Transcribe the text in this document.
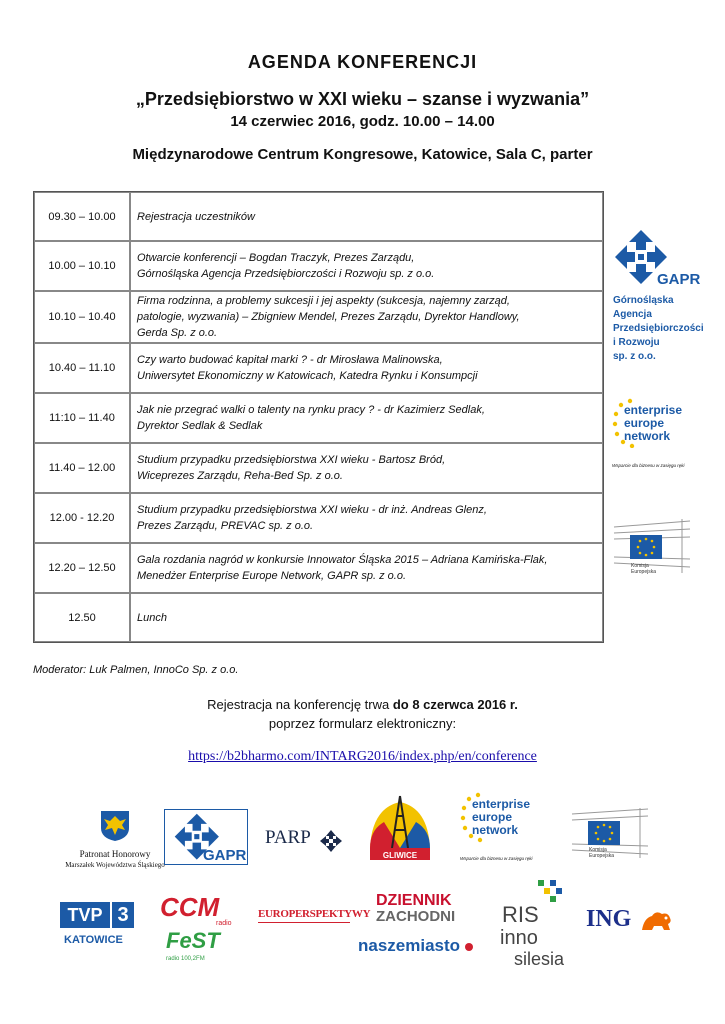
AGENDA KONFERENCJI
„Przedsiębiorstwo w XXI wieku – szanse i wyzwania”
14 czerwiec 2016, godz. 10.00 – 14.00
Międzynarodowe Centrum Kongresowe, Katowice, Sala C, parter
09.30 – 10.00	Rejestracja uczestników

10.00 – 10.10	Otwarcie konferencji – Bogdan Traczyk, Prezes Zarządu,
Górnośląska Agencja Przedsiębiorczości i Rozwoju sp. z o.o.

10.10 – 10.40	Firma rodzinna, a problemy sukcesji i jej aspekty (sukcesja, najemny zarząd,
patologie, wyzwania) – Zbigniew Mendel, Prezes Zarządu, Dyrektor Handlowy,
Gerda Sp. z o.o.

10.40 – 11.10	Czy warto budować kapitał marki ? - dr Mirosława Malinowska,
Uniwersytet Ekonomiczny w Katowicach, Katedra Rynku i Konsumpcji

11:10 – 11.40	Jak nie przegrać walki o talenty na rynku pracy ? - dr Kazimierz Sedlak,
Dyrektor Sedlak & Sedlak

11.40 – 12.00	Studium przypadku przedsiębiorstwa XXI wieku - Bartosz Bród,
Wiceprezes Zarządu, Reha-Bed Sp. z o.o.

12.00 - 12.20	Studium przypadku przedsiębiorstwa XXI wieku - dr inż. Andreas Glenz,
Prezes Zarządu, PREVAC sp. z o.o.

12.20 – 12.50	Gala rozdania nagród w konkursie Innowator Śląska 2015 – Adriana Kamińska-Flak,
Menedżer Enterprise Europe Network, GAPR sp. z o.o.

12.50	Lunch
Moderator: Luk Palmen, InnoCo Sp. z o.o.
Rejestracja na konferencję trwa do 8 czerwca 2016 r.
poprzez formularz elektroniczny:
https://b2bharmo.com/INTARG2016/index.php/en/conference
GAPR
Górnośląska
Agencja
Przedsiębiorczości
i Rozwoju
sp. z o.o.
enterprise
europe
network
Wsparcie dla biznesu w zasięgu ręki
Komisja
Europejska
Patronat Honorowy
Marszałek Województwa Śląskiego
GAPR
PARP
GLIWICE
enterprise
europe
network
Wsparcie dla biznesu w zasięgu ręki
Komisja
Europejska
TVP 3
KATOWICE
CCM
radio
FeST
radio 100,2FM
EUROPERSPEKTYWY
DZIENNIK
ZACHODNI
naszemiasto
RIS
inno
silesia
ING
